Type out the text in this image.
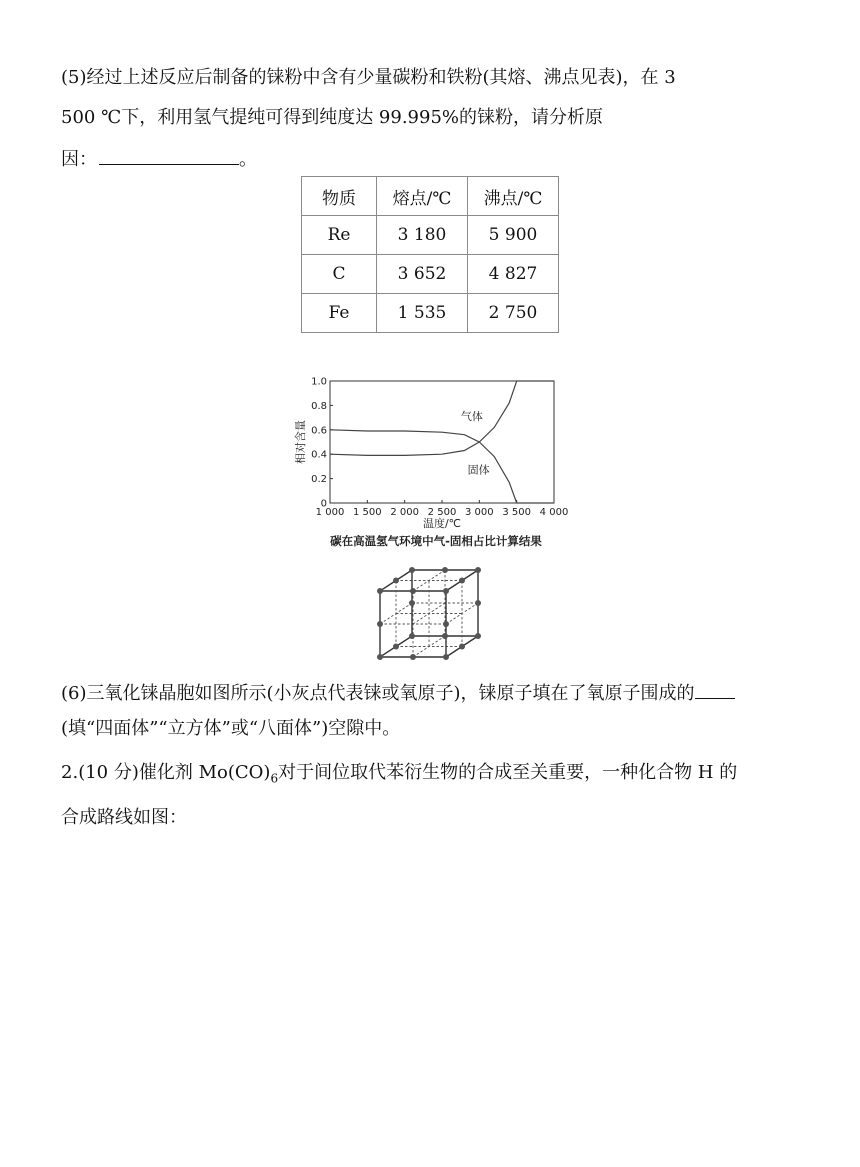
(5)经过上述反应后制备的铼粉中含有少量碳粉和铁粉(其熔、沸点见表)，在 3
500 ℃下，利用氢气提纯可得到纯度达 99.995%的铼粉，请分析原
因：	。
物质	熔点/℃	沸点/℃
Re	3 180	5 900
C	3 652	4 827
Fe	1 535	2 750
1 000 1 500 2 000 2 500 3 000 3 500 4 000
0
0.2
0.4
0.6
0.8
1.0
气体
固体
温度/℃
相对含量
碳在高温氢气环境中气-固相占比计算结果
(6)三氧化铼晶胞如图所示(小灰点代表铼或氧原子)，铼原子填在了氧原子围成的
(填“四面体”“立方体”或“八面体”)空隙中。
2.(10 分)催化剂 $Mo(CO)_6$对于间位取代苯衍生物的合成至关重要，一种化合物 H 的
合成路线如图：
